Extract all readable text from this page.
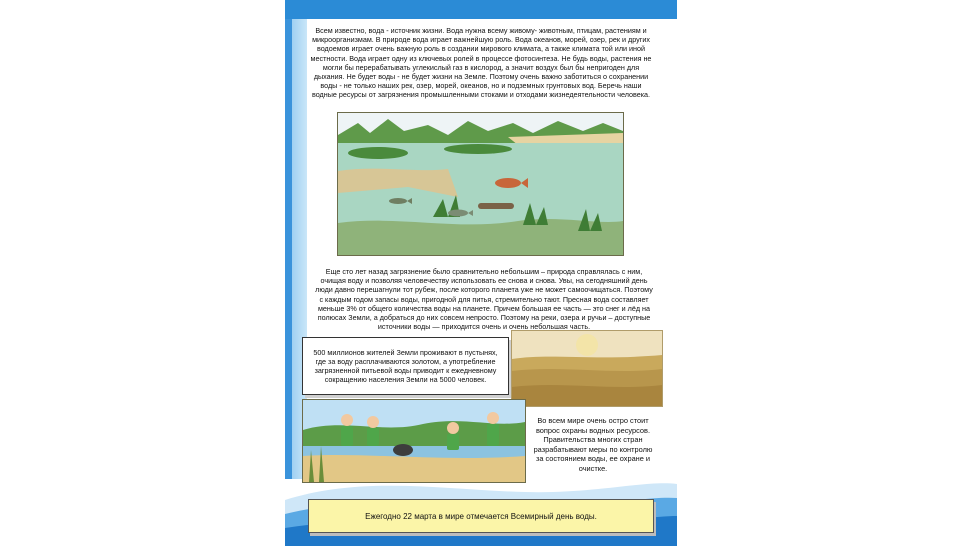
Всем известно, вода - источник жизни. Вода нужна всему живому- животным, птицам, растениям и микроорганизмам. В природе вода играет важнейшую роль. Вода океанов, морей, озер, рек и других водоемов играет очень важную роль в создании мирового климата, а также климата той или иной местности. Вода играет одну из ключевых ролей в процессе фотосинтеза. Не будь воды, растения не могли бы перерабатывать углекислый газ в кислород, а значит воздух был бы непригоден для дыхания. Не будет воды - не будет жизни на Земле. Поэтому очень важно заботиться о сохранении воды - не только наших рек, озер, морей, океанов, но и подземных грунтовых вод. Беречь наши водные ресурсы от загрязнения промышленными стоками и отходами жизнедеятельности человека.

Еще сто лет назад загрязнение было сравнительно небольшим – природа справлялась с ним, очищая воду и позволяя человечеству использовать ее снова и снова. Увы, на сегодняшний день люди давно перешагнули тот рубеж, после которого планета уже не может самоочищаться. Поэтому с каждым годом запасы воды, пригодной для питья, стремительно тают. Пресная вода составляет меньше 3% от общего количества воды на планете. Причем большая ее часть — это снег и лёд на полюсах Земли, а добраться до них совсем непросто. Поэтому на реки, озера и ручьи – доступные источники воды — приходится очень и очень небольшая часть.

500 миллионов жителей Земли проживают в пустынях, где за воду расплачиваются золотом, а употребление загрязненной питьевой воды приводит к ежедневному сокращению населения Земли на 5000 человек.

Во всем мире очень остро стоит вопрос охраны водных ресурсов. Правительства многих стран разрабатывают меры по контролю за состоянием воды, ее охране и очистке.

Ежегодно 22 марта в мире отмечается Всемирный день воды.
